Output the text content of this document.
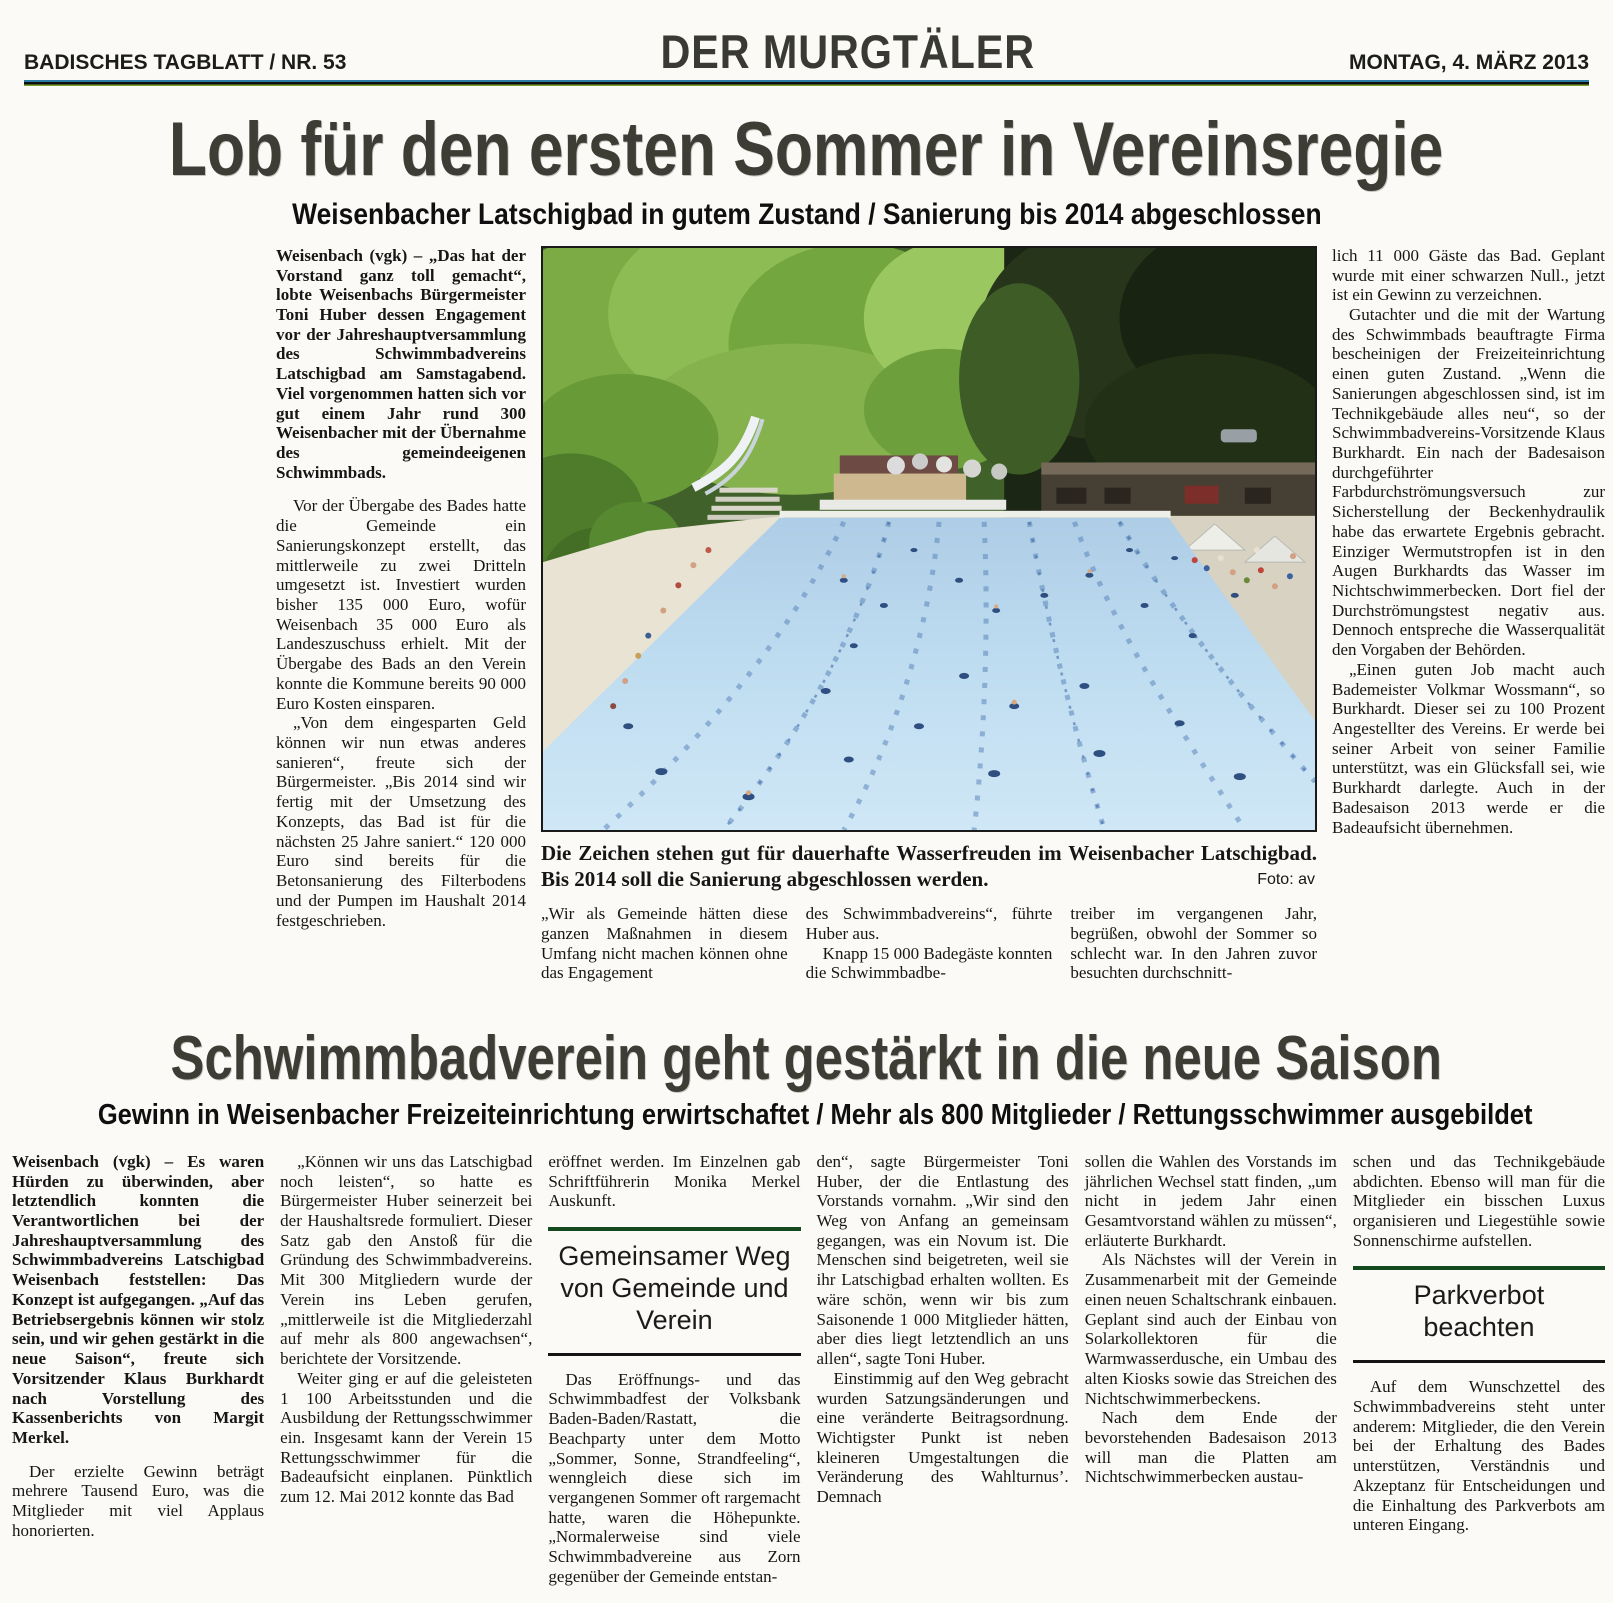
BADISCHES TAGBLATT / NR. 53	DER MURGTÄLER	MONTAG, 4. MÄRZ 2013
Lob für den ersten Sommer in Vereinsregie
Weisenbacher Latschigbad in gutem Zustand / Sanierung bis 2014 abgeschlossen

Weisenbach (vgk) – „Das hat der Vorstand ganz toll gemacht“, lobte Weisenbachs Bürgermeister Toni Huber dessen Engagement vor der Jahreshauptversammlung des Schwimmbadvereins Latschigbad am Samstagabend. Viel vorgenommen hatten sich vor gut einem Jahr rund 300 Weisenbacher mit der Übernahme des gemeindeeigenen Schwimmbads.

Vor der Übergabe des Bades hatte die Gemeinde ein Sanierungskonzept erstellt, das mittlerweile zu zwei Dritteln umgesetzt ist. Investiert wurden bisher 135 000 Euro, wofür Weisenbach 35 000 Euro als Landeszuschuss erhielt. Mit der Übergabe des Bads an den Verein konnte die Kommune bereits 90 000 Euro Kosten einsparen.

„Von dem eingesparten Geld können wir nun etwas anderes sanieren“, freute sich der Bürgermeister. „Bis 2014 sind wir fertig mit der Umsetzung des Konzepts, das Bad ist für die nächsten 25 Jahre saniert.“ 120 000 Euro sind bereits für die Betonsanierung des Filterbodens und der Pumpen im Haushalt 2014 festgeschrieben.

Die Zeichen stehen gut für dauerhafte Wasserfreuden im Weisenbacher Latschigbad. Bis 2014 soll die Sanierung abgeschlossen werden.	Foto: av

„Wir als Gemeinde hätten diese ganzen Maßnahmen in diesem Umfang nicht machen können ohne das Engagement

des Schwimmbadvereins“, führte Huber aus.

Knapp 15 000 Badegäste konnten die Schwimmbadbe-

treiber im vergangenen Jahr, begrüßen, obwohl der Sommer so schlecht war. In den Jahren zuvor besuchten durchschnitt-

lich 11 000 Gäste das Bad. Geplant wurde mit einer schwarzen Null., jetzt ist ein Gewinn zu verzeichnen.

Gutachter und die mit der Wartung des Schwimmbads beauftragte Firma bescheinigen der Freizeiteinrichtung einen guten Zustand. „Wenn die Sanierungen abgeschlossen sind, ist im Technikgebäude alles neu“, so der Schwimmbadvereins-Vorsitzende Klaus Burkhardt. Ein nach der Badesaison durchgeführter Farbdurchströmungsversuch zur Sicherstellung der Beckenhydraulik habe das erwartete Ergebnis gebracht. Einziger Wermutstropfen ist in den Augen Burkhardts das Wasser im Nichtschwimmerbecken. Dort fiel der Durchströmungstest negativ aus. Dennoch entspreche die Wasserqualität den Vorgaben der Behörden.

„Einen guten Job macht auch Bademeister Volkmar Wossmann“, so Burkhardt. Dieser sei zu 100 Prozent Angestellter des Vereins. Er werde bei seiner Arbeit von seiner Familie unterstützt, was ein Glücksfall sei, wie Burkhardt darlegte. Auch in der Badesaison 2013 werde er die Badeaufsicht übernehmen.

Schwimmbadverein geht gestärkt in die neue Saison
Gewinn in Weisenbacher Freizeiteinrichtung erwirtschaftet / Mehr als 800 Mitglieder / Rettungsschwimmer ausgebildet

Weisenbach (vgk) – Es waren Hürden zu überwinden, aber letztendlich konnten die Verantwortlichen bei der Jahreshauptversammlung des Schwimmbadvereins Latschigbad Weisenbach feststellen: Das Konzept ist aufgegangen. „Auf das Betriebsergebnis können wir stolz sein, und wir gehen gestärkt in die neue Saison“, freute sich Vorsitzender Klaus Burkhardt nach Vorstellung des Kassenberichts von Margit Merkel.

Der erzielte Gewinn beträgt mehrere Tausend Euro, was die Mitglieder mit viel Applaus honorierten.

„Können wir uns das Latschigbad noch leisten“, so hatte es Bürgermeister Huber seinerzeit bei der Haushaltsrede formuliert. Dieser Satz gab den Anstoß für die Gründung des Schwimmbadvereins. Mit 300 Mitgliedern wurde der Verein ins Leben gerufen, „mittlerweile ist die Mitgliederzahl auf mehr als 800 angewachsen“, berichtete der Vorsitzende.

Weiter ging er auf die geleisteten 1 100 Arbeitsstunden und die Ausbildung der Rettungsschwimmer ein. Insgesamt kann der Verein 15 Rettungsschwimmer für die Badeaufsicht einplanen. Pünktlich zum 12. Mai 2012 konnte das Bad

eröffnet werden. Im Einzelnen gab Schriftführerin Monika Merkel Auskunft.

Gemeinsamer Weg von Gemeinde und Verein

Das Eröffnungs- und das Schwimmbadfest der Volksbank Baden-Baden/Rastatt, die Beachparty unter dem Motto „Sommer, Sonne, Strandfeeling“, wenngleich diese sich im vergangenen Sommer oft rargemacht hatte, waren die Höhepunkte. „Normalerweise sind viele Schwimmbadvereine aus Zorn gegenüber der Gemeinde entstan-

den“, sagte Bürgermeister Toni Huber, der die Entlastung des Vorstands vornahm. „Wir sind den Weg von Anfang an gemeinsam gegangen, was ein Novum ist. Die Menschen sind beigetreten, weil sie ihr Latschigbad erhalten wollten. Es wäre schön, wenn wir bis zum Saisonende 1 000 Mitglieder hätten, aber dies liegt letztendlich an uns allen“, sagte Toni Huber.

Einstimmig auf den Weg gebracht wurden Satzungsänderungen und eine veränderte Beitragsordnung. Wichtigster Punkt ist neben kleineren Umgestaltungen die Veränderung des Wahlturnus’. Demnach

sollen die Wahlen des Vorstands im jährlichen Wechsel statt finden, „um nicht in jedem Jahr einen Gesamtvorstand wählen zu müssen“, erläuterte Burkhardt.

Als Nächstes will der Verein in Zusammenarbeit mit der Gemeinde einen neuen Schaltschrank einbauen. Geplant sind auch der Einbau von Solarkollektoren für die Warmwasserdusche, ein Umbau des alten Kiosks sowie das Streichen des Nichtschwimmerbeckens.

Nach dem Ende der bevorstehenden Badesaison 2013 will man die Platten am Nichtschwimmerbecken austau-

schen und das Technikgebäude abdichten. Ebenso will man für die Mitglieder ein bisschen Luxus organisieren und Liegestühle sowie Sonnenschirme aufstellen.

Parkverbot beachten

Auf dem Wunschzettel des Schwimmbadvereins steht unter anderem: Mitglieder, die den Verein bei der Erhaltung des Bades unterstützen, Verständnis und Akzeptanz für Entscheidungen und die Einhaltung des Parkverbots am unteren Eingang.
